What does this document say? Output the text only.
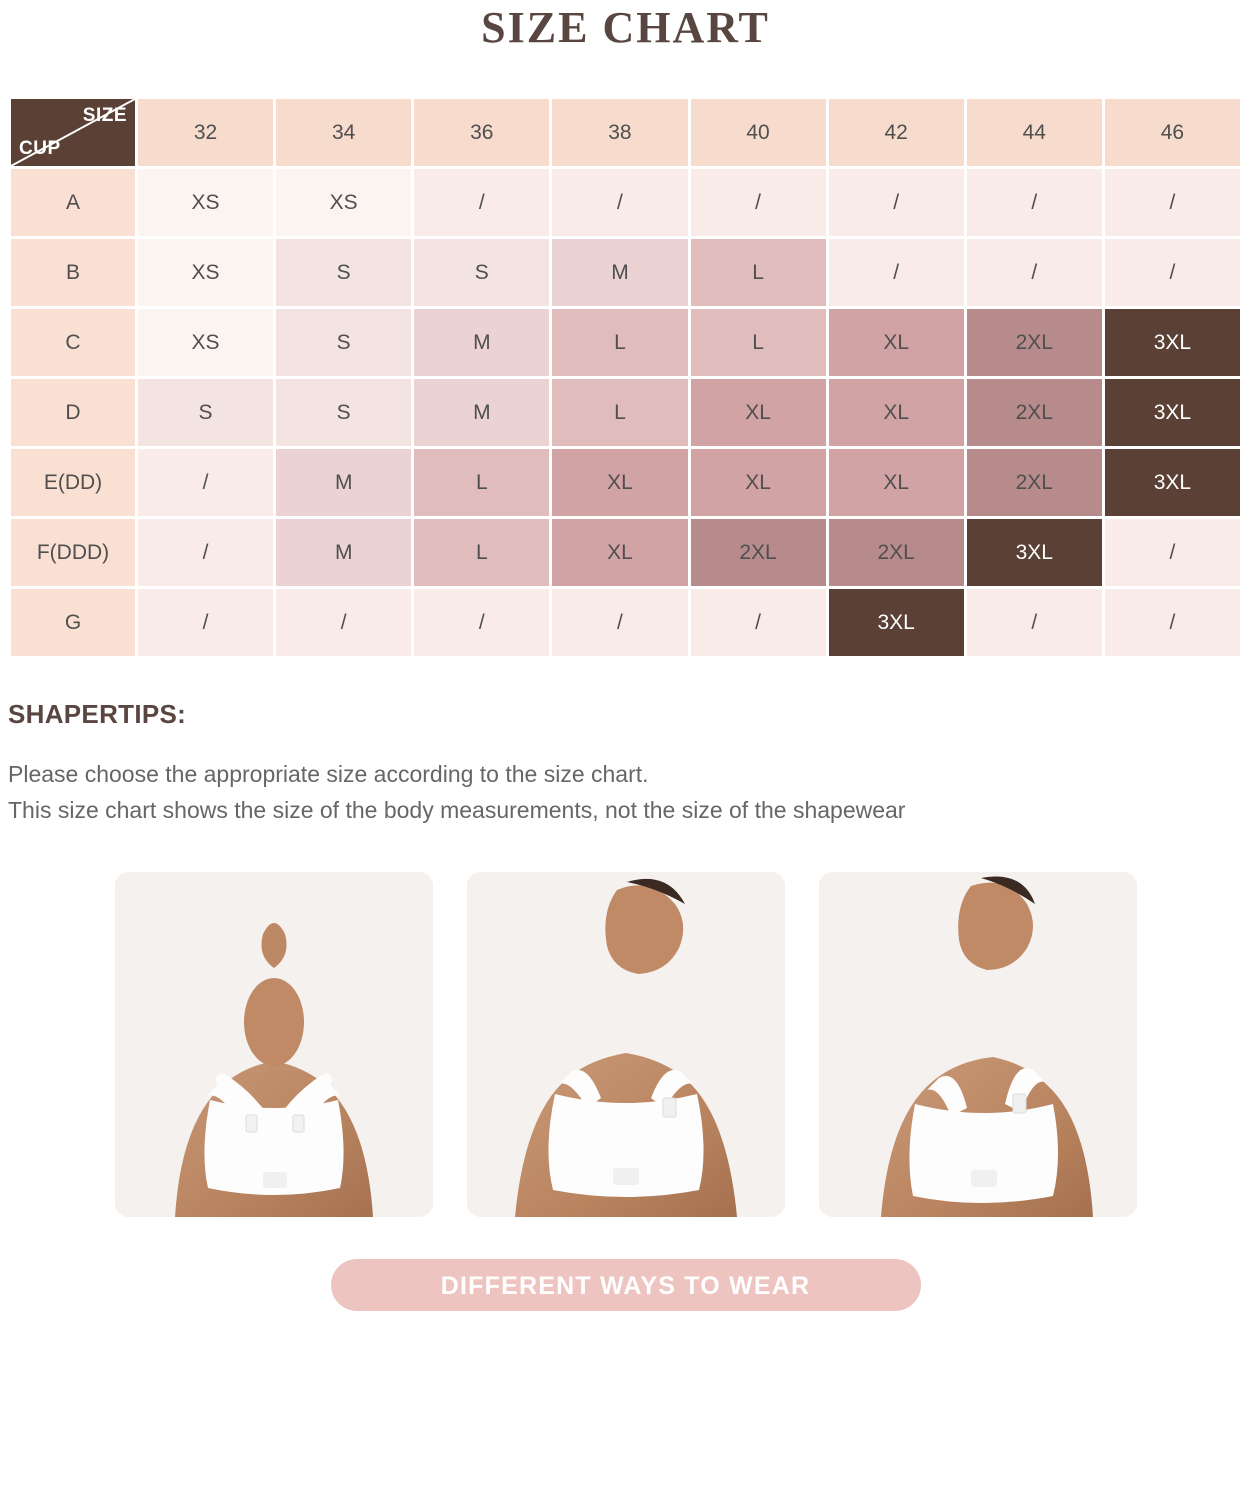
SIZE CHART
SIZE
CUP	32	34	36	38	40	42	44	46
A	XS	XS	/	/	/	/	/	/
B	XS	S	S	M	L	/	/	/
C	XS	S	M	L	L	XL	2XL	3XL
D	S	S	M	L	XL	XL	2XL	3XL
E(DD)	/	M	L	XL	XL	XL	2XL	3XL
F(DDD)	/	M	L	XL	2XL	2XL	3XL	/
G	/	/	/	/	/	3XL	/	/
SHAPERTIPS:
Please choose the appropriate size according to the size chart.
This size chart shows the size of the body measurements, not the size of the shapewear
DIFFERENT WAYS TO WEAR
